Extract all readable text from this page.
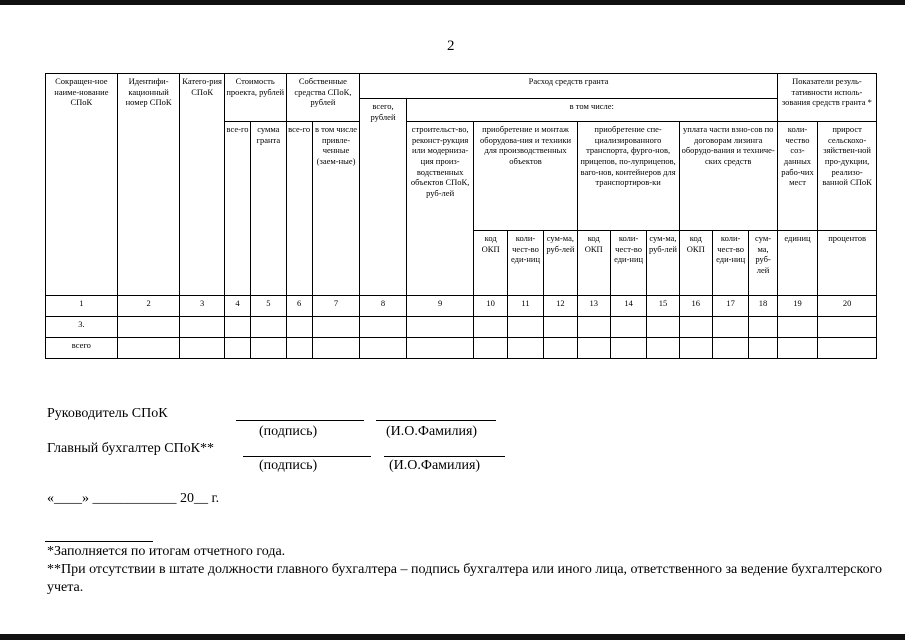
2
Сокращен-ное наиме-нование СПоК	Идентифи-кационный номер СПоК	Катего-рия СПоК	Стоимость проекта, рублей		Собственные средства СПоК, рублей		Расход средств гранта											Показатели резуль-тативности исполь-зования средств гранта *	
							всего, рублей	в том числе:											
			все-го	сумма гранта	все-го	в том числе привле-ченные (заем-ные)		строительст-во, реконст-рукция или модерниза-ция произ-водственных объектов СПоК, руб-лей	приобретение и монтаж оборудова-ния и техники для производственных объектов			приобретение спе-циализированного транспорта, фурго-нов, прицепов, по-луприцепов, ваго-нов, контейнеров для транспортиров-ки			уплата части взно-сов по договорам лизинга оборудо-вания и техниче-ских средств			коли-чество соз-данных рабо-чих мест	прирост сельскохо-зяйствен-ной про-дукции, реализо-ванной СПоК
									код ОКП	коли-чест-во еди-ниц	сум-ма, руб-лей	код ОКП	коли-чест-во еди-ниц	сум-ма, руб-лей	код ОКП	коли-чест-во еди-ниц	сум-ма, руб-лей	единиц	процентов
1	2	3	4	5	6	7	8	9	10	11	12	13	14	15	16	17	18	19	20
3.																			
всего																			
Руководитель СПоК
(подпись)	(И.О.Фамилия)
Главный бухгалтер СПоК**
(подпись)	(И.О.Фамилия)
«____» ____________ 20__ г.
*Заполняется по итогам отчетного года.
**При отсутствии в штате должности главного бухгалтера – подпись бухгалтера или иного лица, ответственного за ведение бухгалтерского учета.
